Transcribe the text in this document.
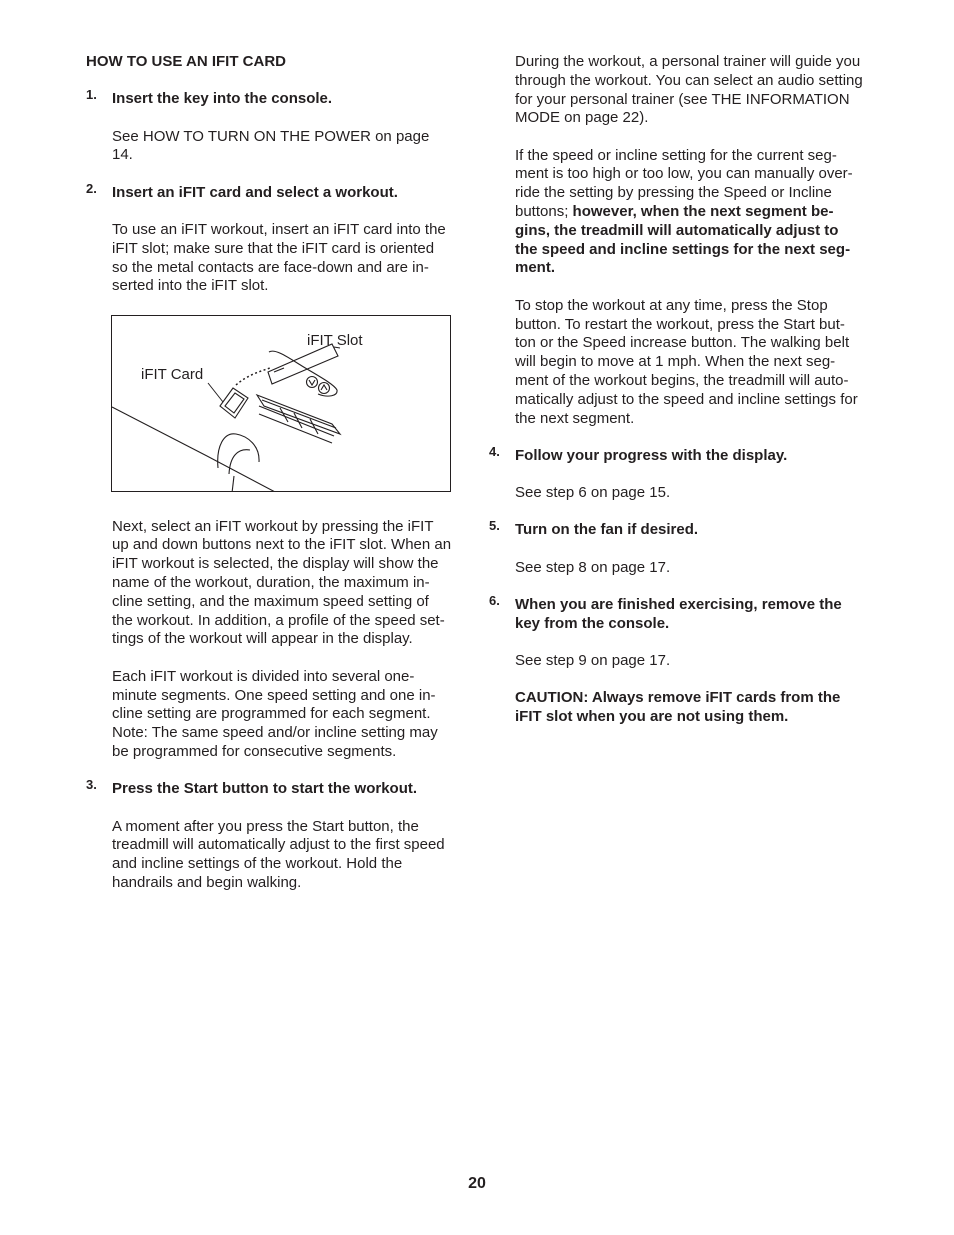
HOW TO USE AN IFIT CARD
1. Insert the key into the console.
See HOW TO TURN ON THE POWER on page
14.
2. Insert an iFIT card and select a workout.
To use an iFIT workout, insert an iFIT card into the
iFIT slot; make sure that the iFIT card is oriented
so the metal contacts are face-down and are in-
serted into the iFIT slot.
iFIT Slot
iFIT Card
Next, select an iFIT workout by pressing the iFIT
up and down buttons next to the iFIT slot. When an
iFIT workout is selected, the display will show the
name of the workout, duration, the maximum in-
cline setting, and the maximum speed setting of
the workout. In addition, a profile of the speed set-
tings of the workout will appear in the display.
Each iFIT workout is divided into several one-
minute segments. One speed setting and one in-
cline setting are programmed for each segment.
Note: The same speed and/or incline setting may
be programmed for consecutive segments.
3. Press the Start button to start the workout.
A moment after you press the Start button, the
treadmill will automatically adjust to the first speed
and incline settings of the workout. Hold the
handrails and begin walking.
During the workout, a personal trainer will guide you
through the workout. You can select an audio setting
for your personal trainer (see THE INFORMATION
MODE on page 22).
If the speed or incline setting for the current seg-
ment is too high or too low, you can manually over-
ride the setting by pressing the Speed or Incline
buttons; however, when the next segment be-
gins, the treadmill will automatically adjust to
the speed and incline settings for the next seg-
ment.
To stop the workout at any time, press the Stop
button. To restart the workout, press the Start but-
ton or the Speed increase button. The walking belt
will begin to move at 1 mph. When the next seg-
ment of the workout begins, the treadmill will auto-
matically adjust to the speed and incline settings for
the next segment.
4. Follow your progress with the display.
See step 6 on page 15.
5. Turn on the fan if desired.
See step 8 on page 17.
6. When you are finished exercising, remove the
key from the console.
See step 9 on page 17.
CAUTION: Always remove iFIT cards from the
iFIT slot when you are not using them.
20
